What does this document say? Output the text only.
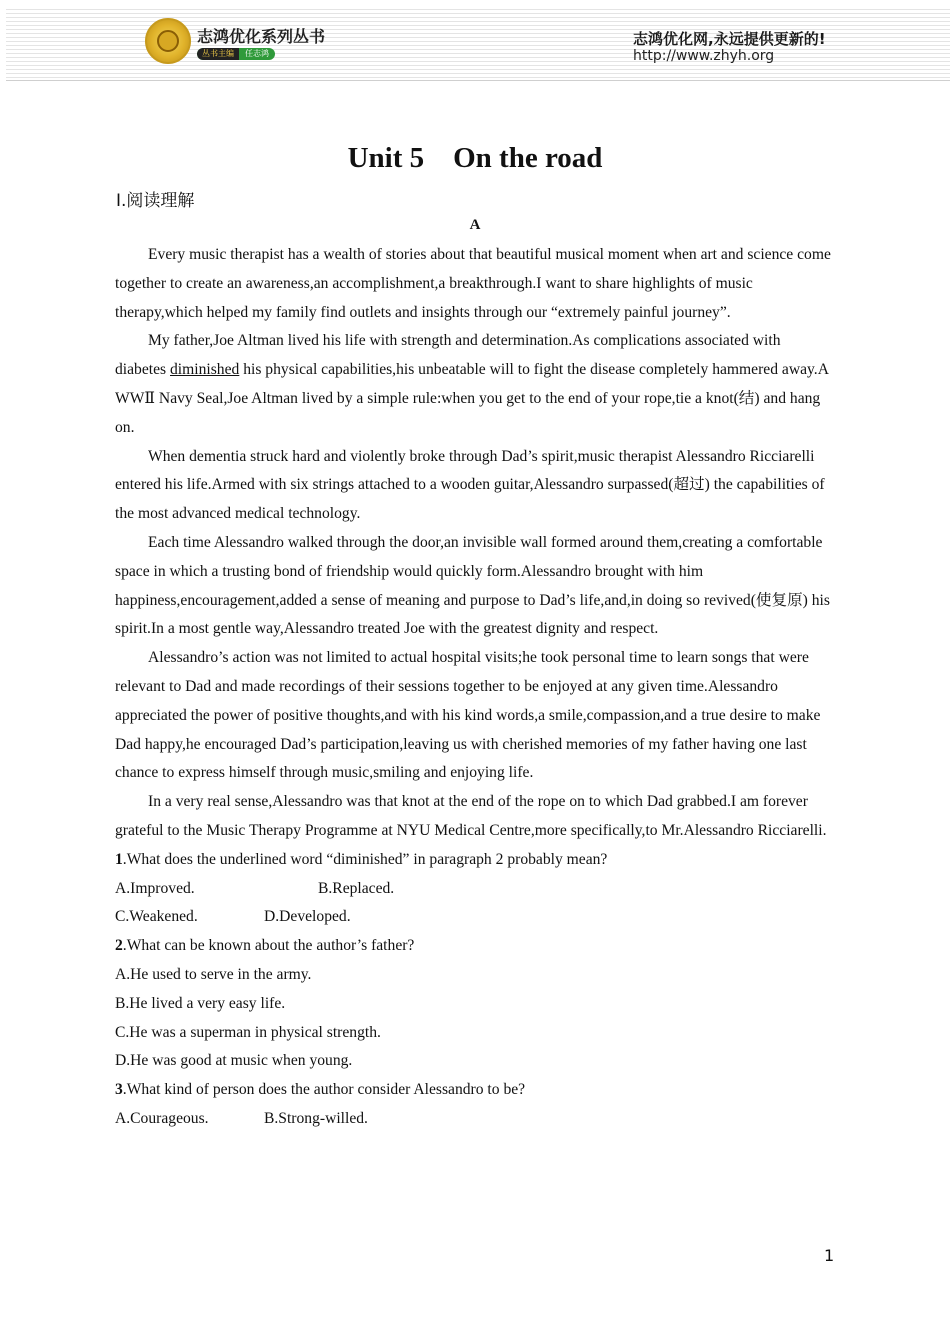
志鸿优化系列丛书
丛书主编	任志鸿
志鸿优化网,永远提供更新的!
http://www.zhyh.org
Unit 5　On the road
Ⅰ.阅读理解
A

Every music therapist has a wealth of stories about that beautiful musical moment when art and science come together to create an awareness,an accomplishment,a breakthrough.I want to share highlights of music therapy,which helped my family find outlets and insights through our “extremely painful journey”.

My father,Joe Altman lived his life with strength and determination.As complications associated with diabetes diminished his physical capabilities,his unbeatable will to fight the disease completely hammered away.A WWⅡ Navy Seal,Joe Altman lived by a simple rule:when you get to the end of your rope,tie a knot(结) and hang on.

When dementia struck hard and violently broke through Dad’s spirit,music therapist Alessandro Ricciarelli entered his life.Armed with six strings attached to a wooden guitar,Alessandro surpassed(超过) the capabilities of the most advanced medical technology.

Each time Alessandro walked through the door,an invisible wall formed around them,creating a comfortable space in which a trusting bond of friendship would quickly form.Alessandro brought with him happiness,encouragement,added a sense of meaning and purpose to Dad’s life,and,in doing so revived(使复原) his spirit.In a most gentle way,Alessandro treated Joe with the greatest dignity and respect.

Alessandro’s action was not limited to actual hospital visits;he took personal time to learn songs that were relevant to Dad and made recordings of their sessions together to be enjoyed at any given time.Alessandro appreciated the power of positive thoughts,and with his kind words,a smile,compassion,and a true desire to make Dad happy,he encouraged Dad’s participation,leaving us with cherished memories of my father having one last chance to express himself through music,smiling and enjoying life.

In a very real sense,Alessandro was that knot at the end of the rope on to which Dad grabbed.I am forever grateful to the Music Therapy Programme at NYU Medical Centre,more specifically,to Mr.Alessandro Ricciarelli.

1.What does the underlined word “diminished” in paragraph 2 probably mean?

A.Improved.	B.Replaced.

C.Weakened.	D.Developed.

2.What can be known about the author’s father?

A.He used to serve in the army.

B.He lived a very easy life.

C.He was a superman in physical strength.

D.He was good at music when young.

3.What kind of person does the author consider Alessandro to be?

A.Courageous.	B.Strong-willed.

1
